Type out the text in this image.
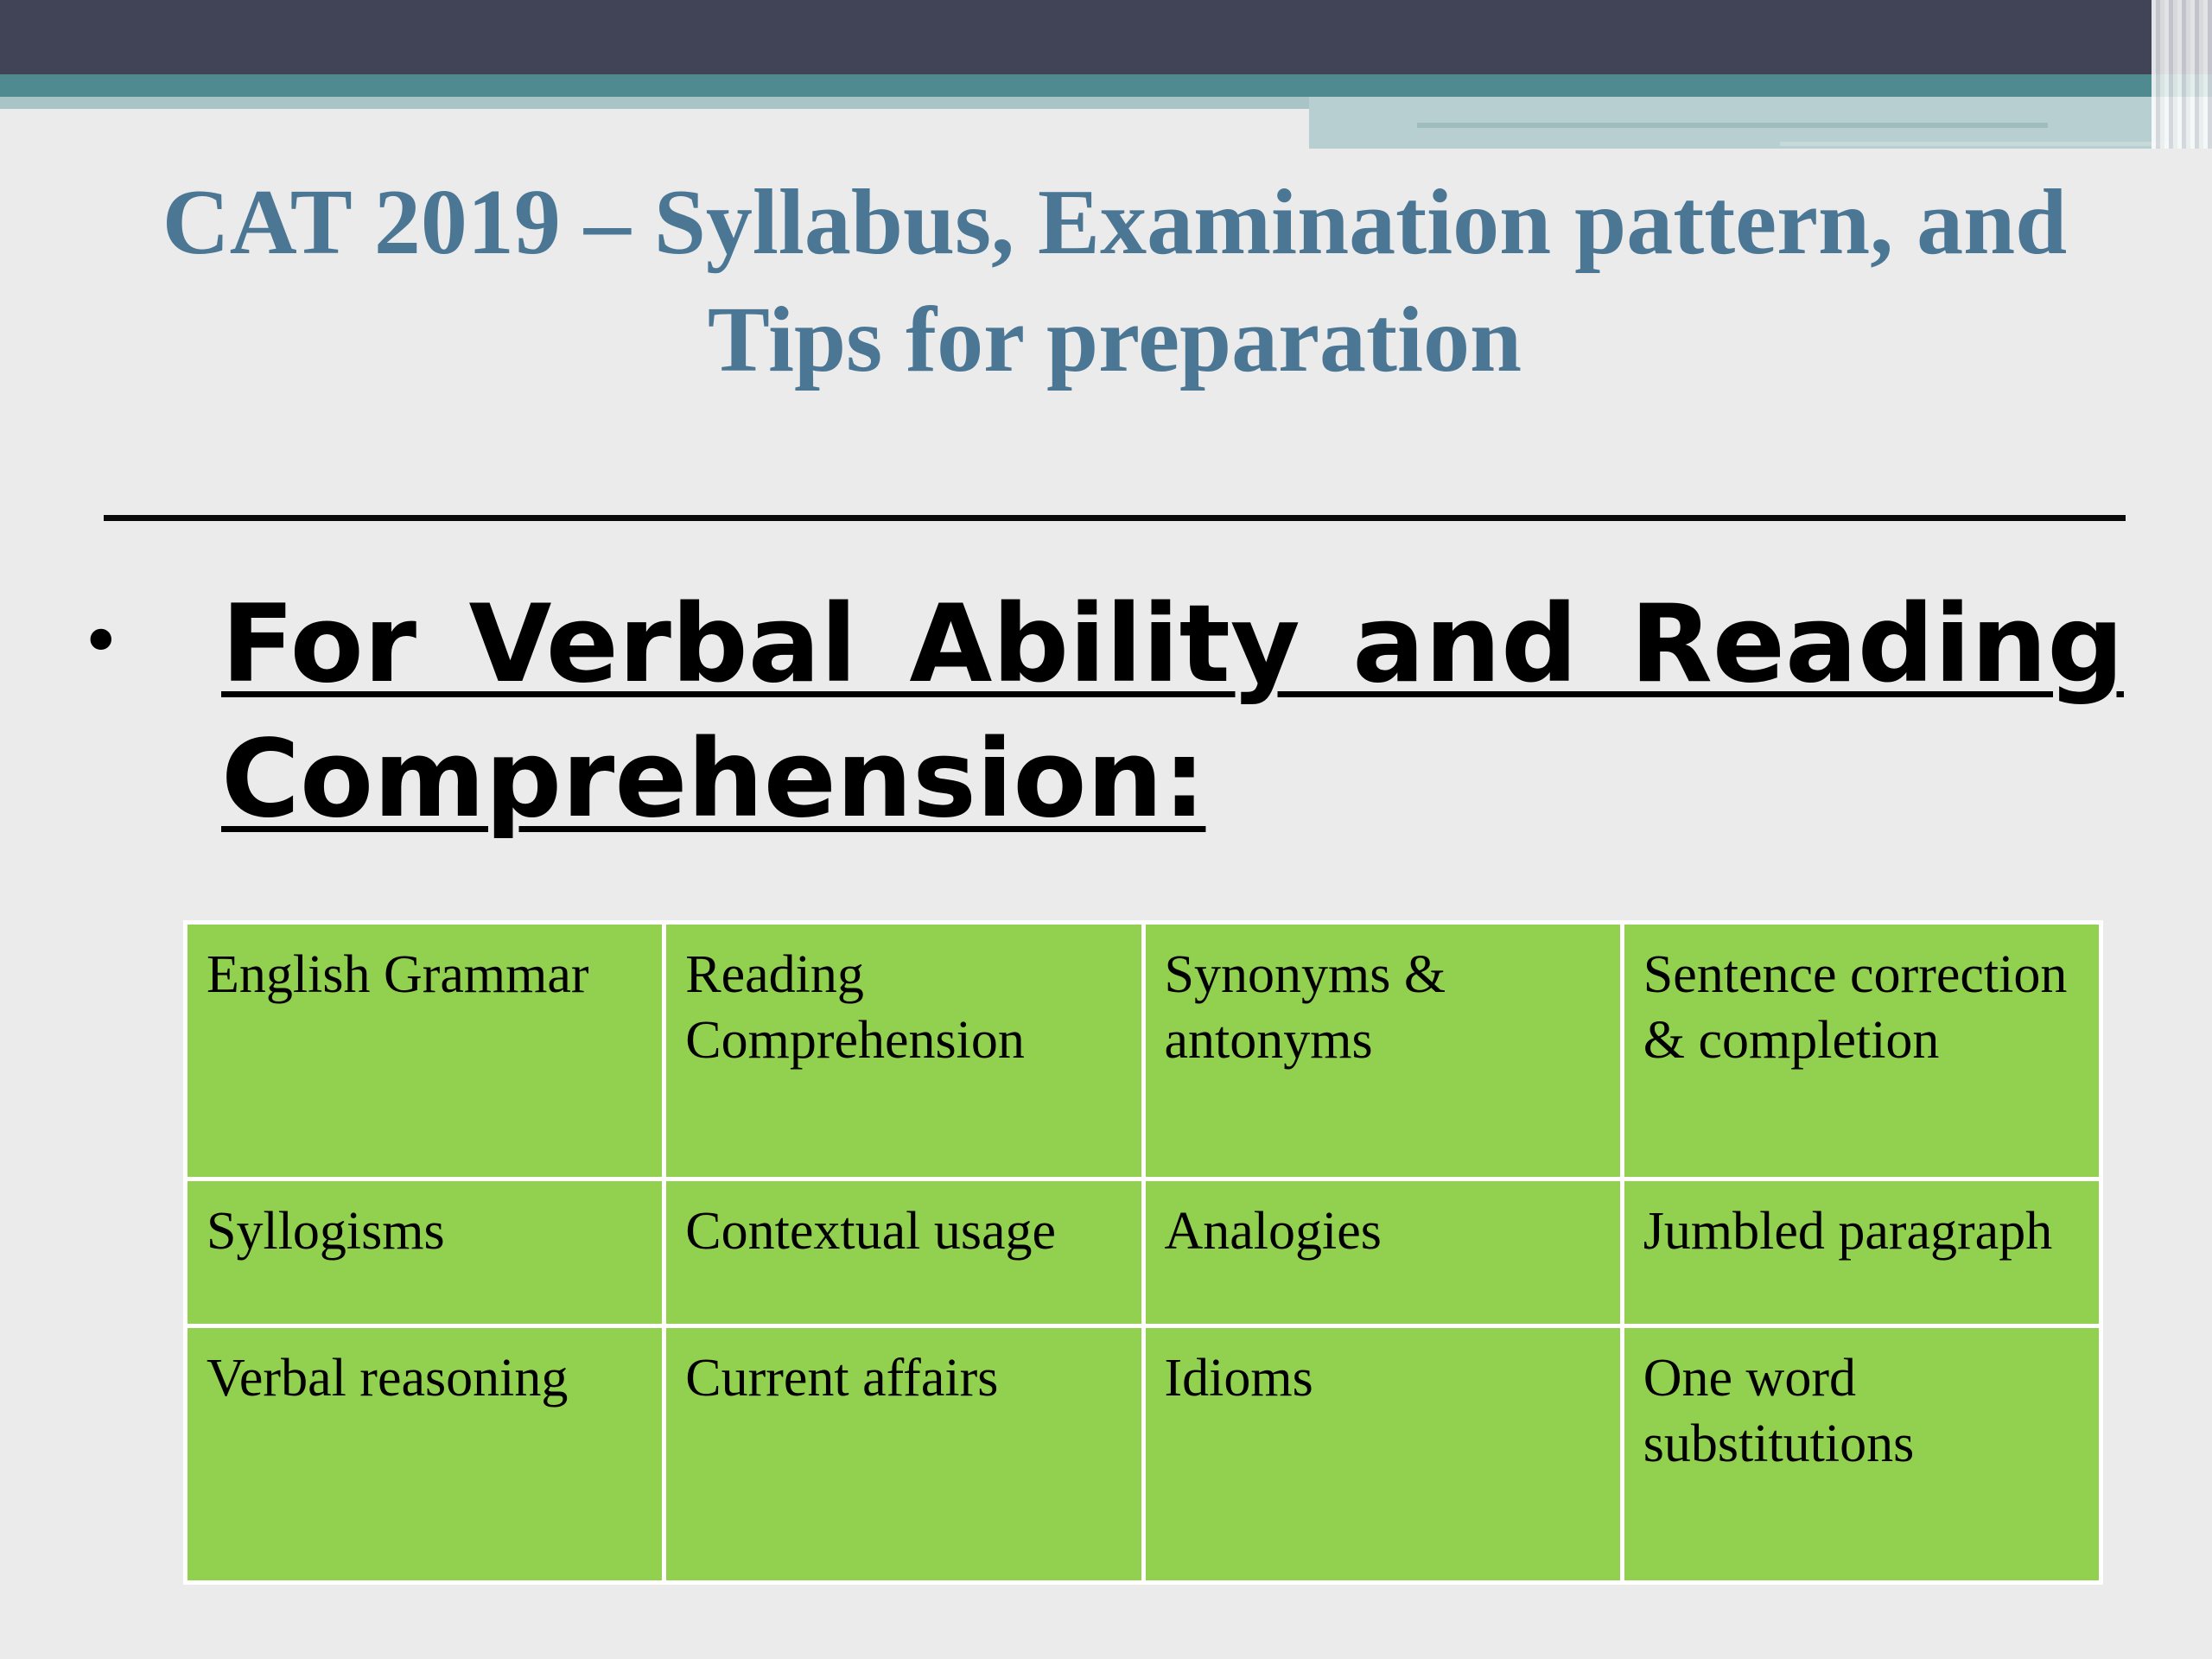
CAT 2019 – Syllabus, Examination pattern, and Tips for preparation
• For Verbal Ability and Reading Comprehension:

English Grammar	Reading Comprehension	Synonyms & antonyms	Sentence correction & completion
Syllogisms	Contextual usage	Analogies	Jumbled paragraph
Verbal reasoning	Current affairs	Idioms	One word substitutions
